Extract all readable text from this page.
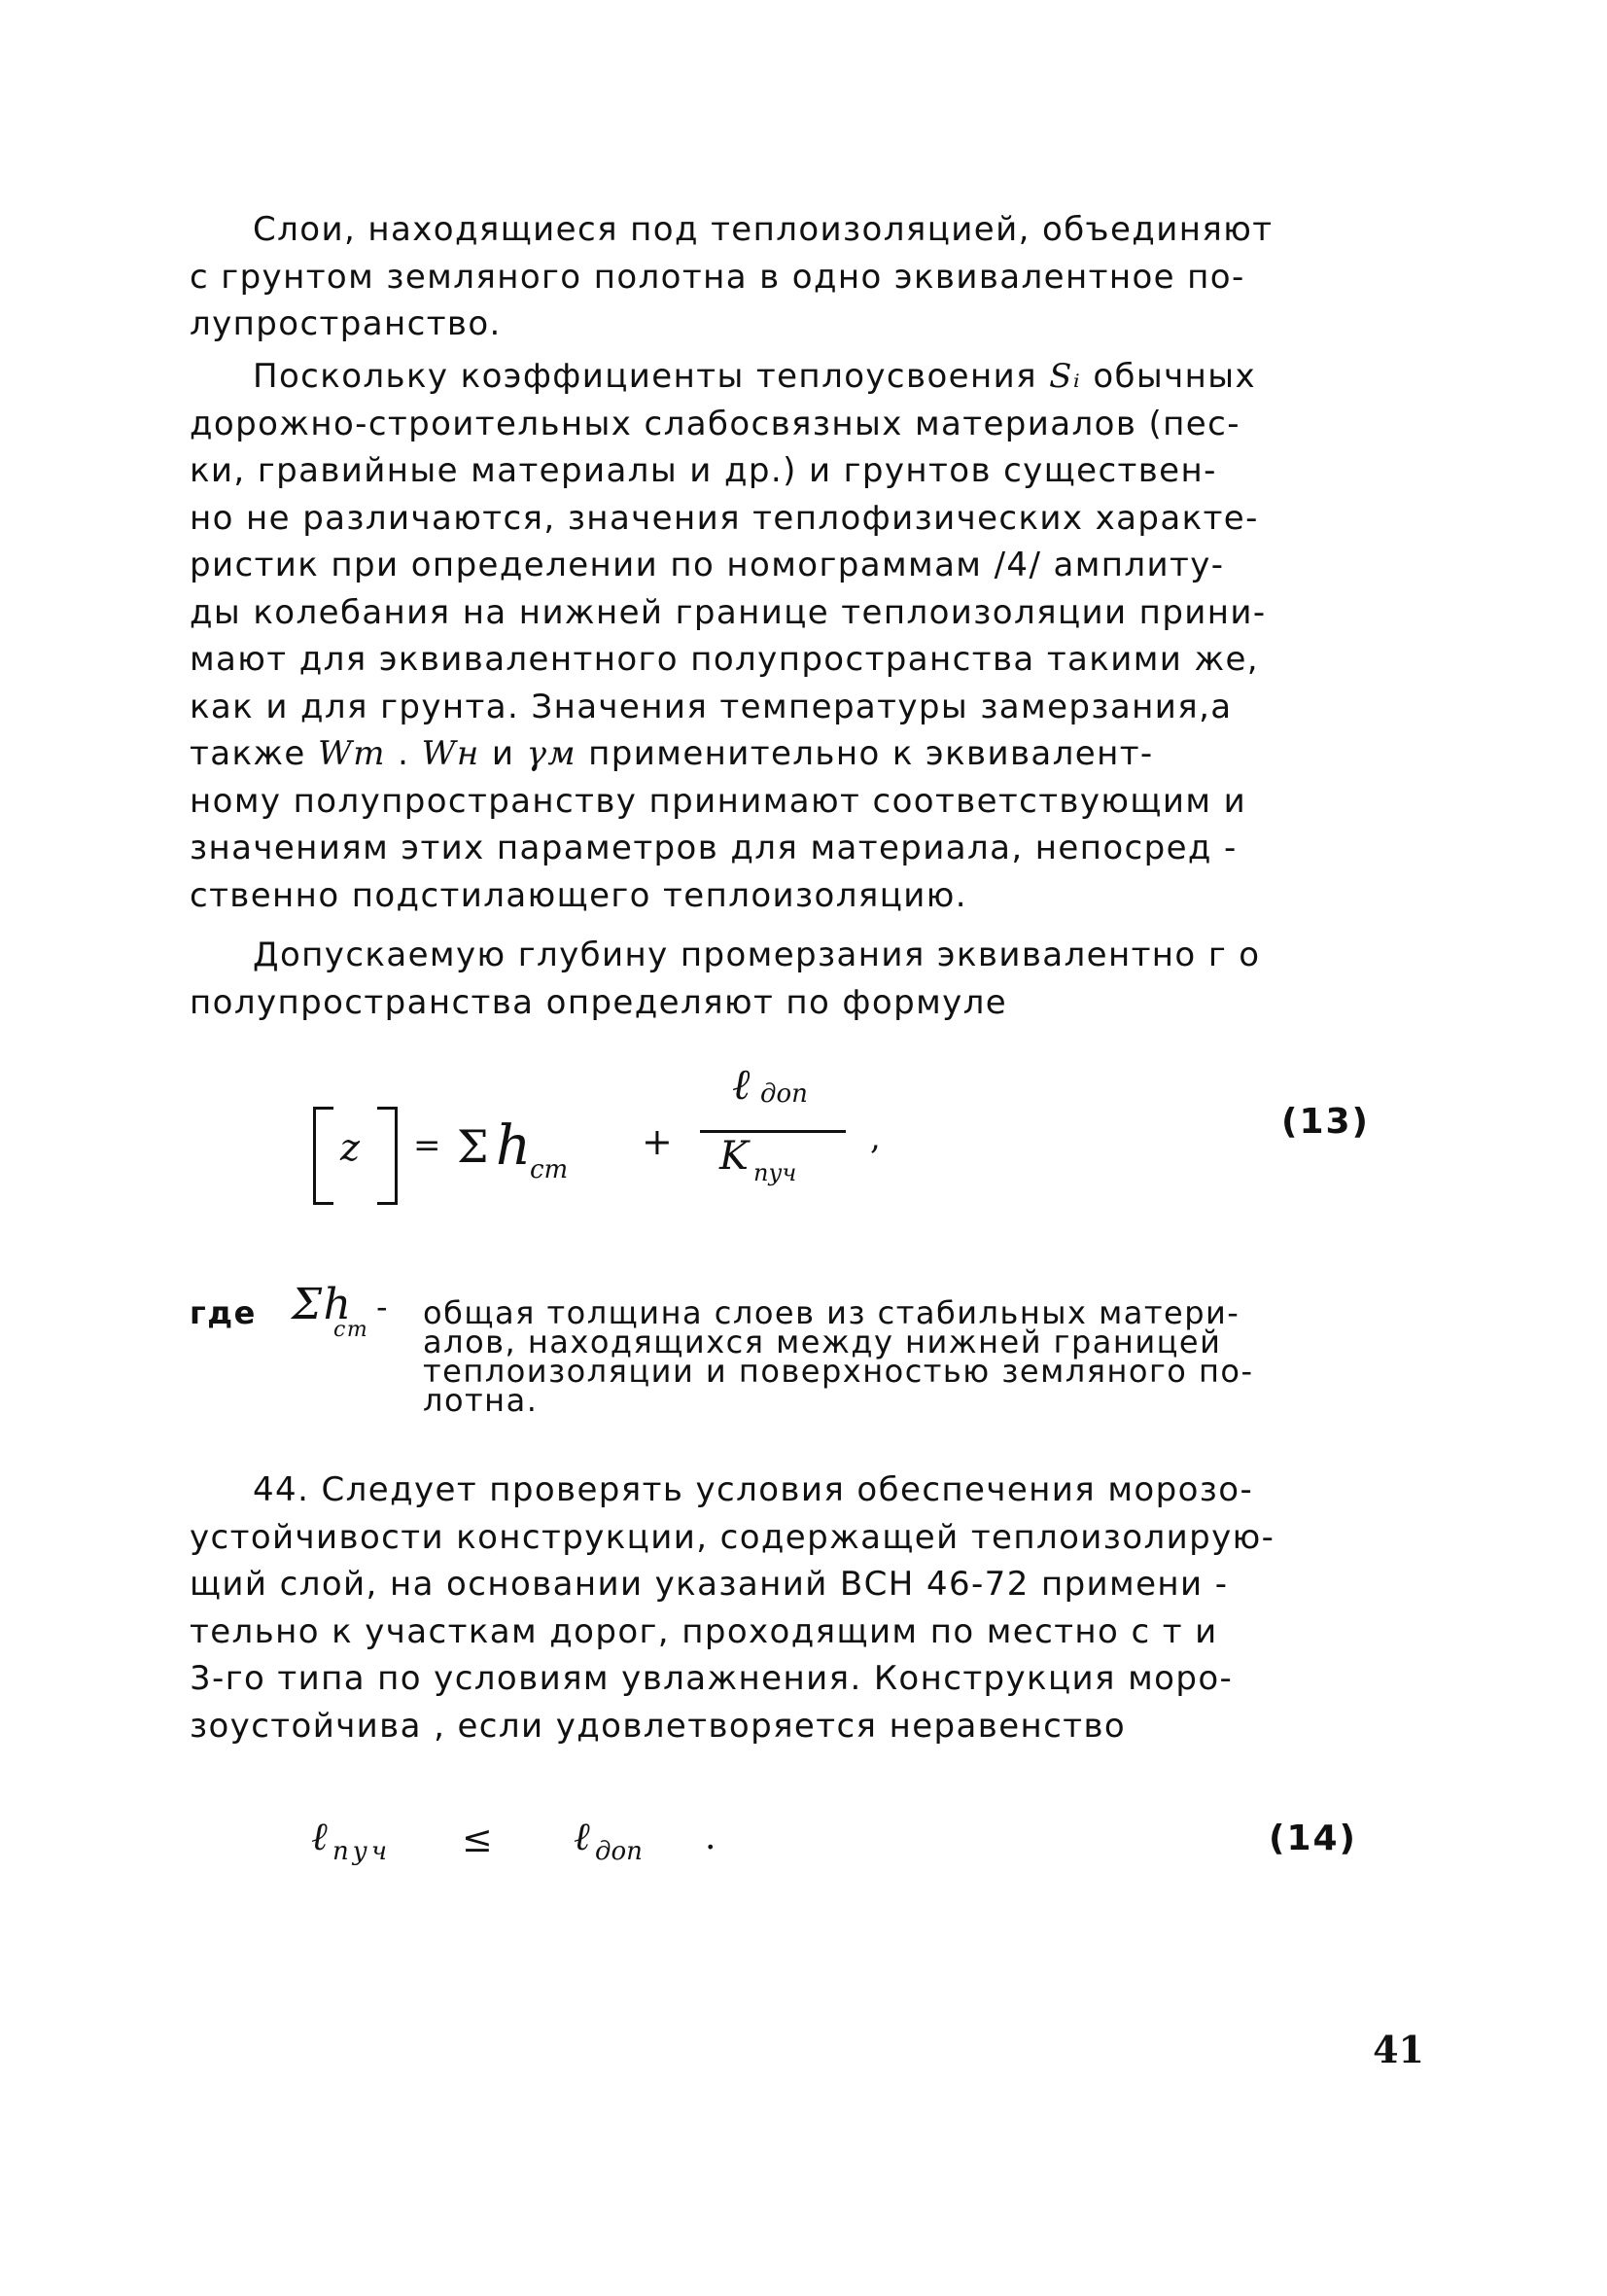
Слои, находящиеся под теплоизоляцией, объединяют
с грунтом земляного полотна в одно эквивалентное по-
лупространство.
Поскольку коэффициенты теплоусвоения Sᵢ обычных
дорожно-строительных слабосвязных материалов (пес-
ки, гравийные материалы и др.) и грунтов существен-
но не различаются, значения теплофизических характе-
ристик при определении по номограммам /4/ амплиту-
ды колебания на нижней границе теплоизоляции прини-
мают для эквивалентного полупространства такими же,
как и для грунта. Значения температуры замерзания,а
также Wт . Wн и γм применительно к эквивалент-
ному полупространству принимают соответствующим и
значениям этих параметров для материала, непосред -
ственно подстилающего теплоизоляцию.
Допускаемую глубину промерзания эквивалентно г о
полупространства определяют по формуле
z = Σ h
ст
+
ℓ доп
K пуч
,	(13)
где Σh
ст
- общая толщина слоев из стабильных матери-
алов, находящихся между нижней границей
теплоизоляции и поверхностью земляного по-
лотна.
44. Следует проверять условия обеспечения морозо-
устойчивости конструкции, содержащей теплоизолирую-
щий слой, на основании указаний ВСН 46-72 примени -
тельно к участкам дорог, проходящим по местно с т и
3-го типа по условиям увлажнения. Конструкция моро-
зоустойчива , если удовлетворяется неравенство
ℓ пуч ≤ ℓ доп .	(14)
41
